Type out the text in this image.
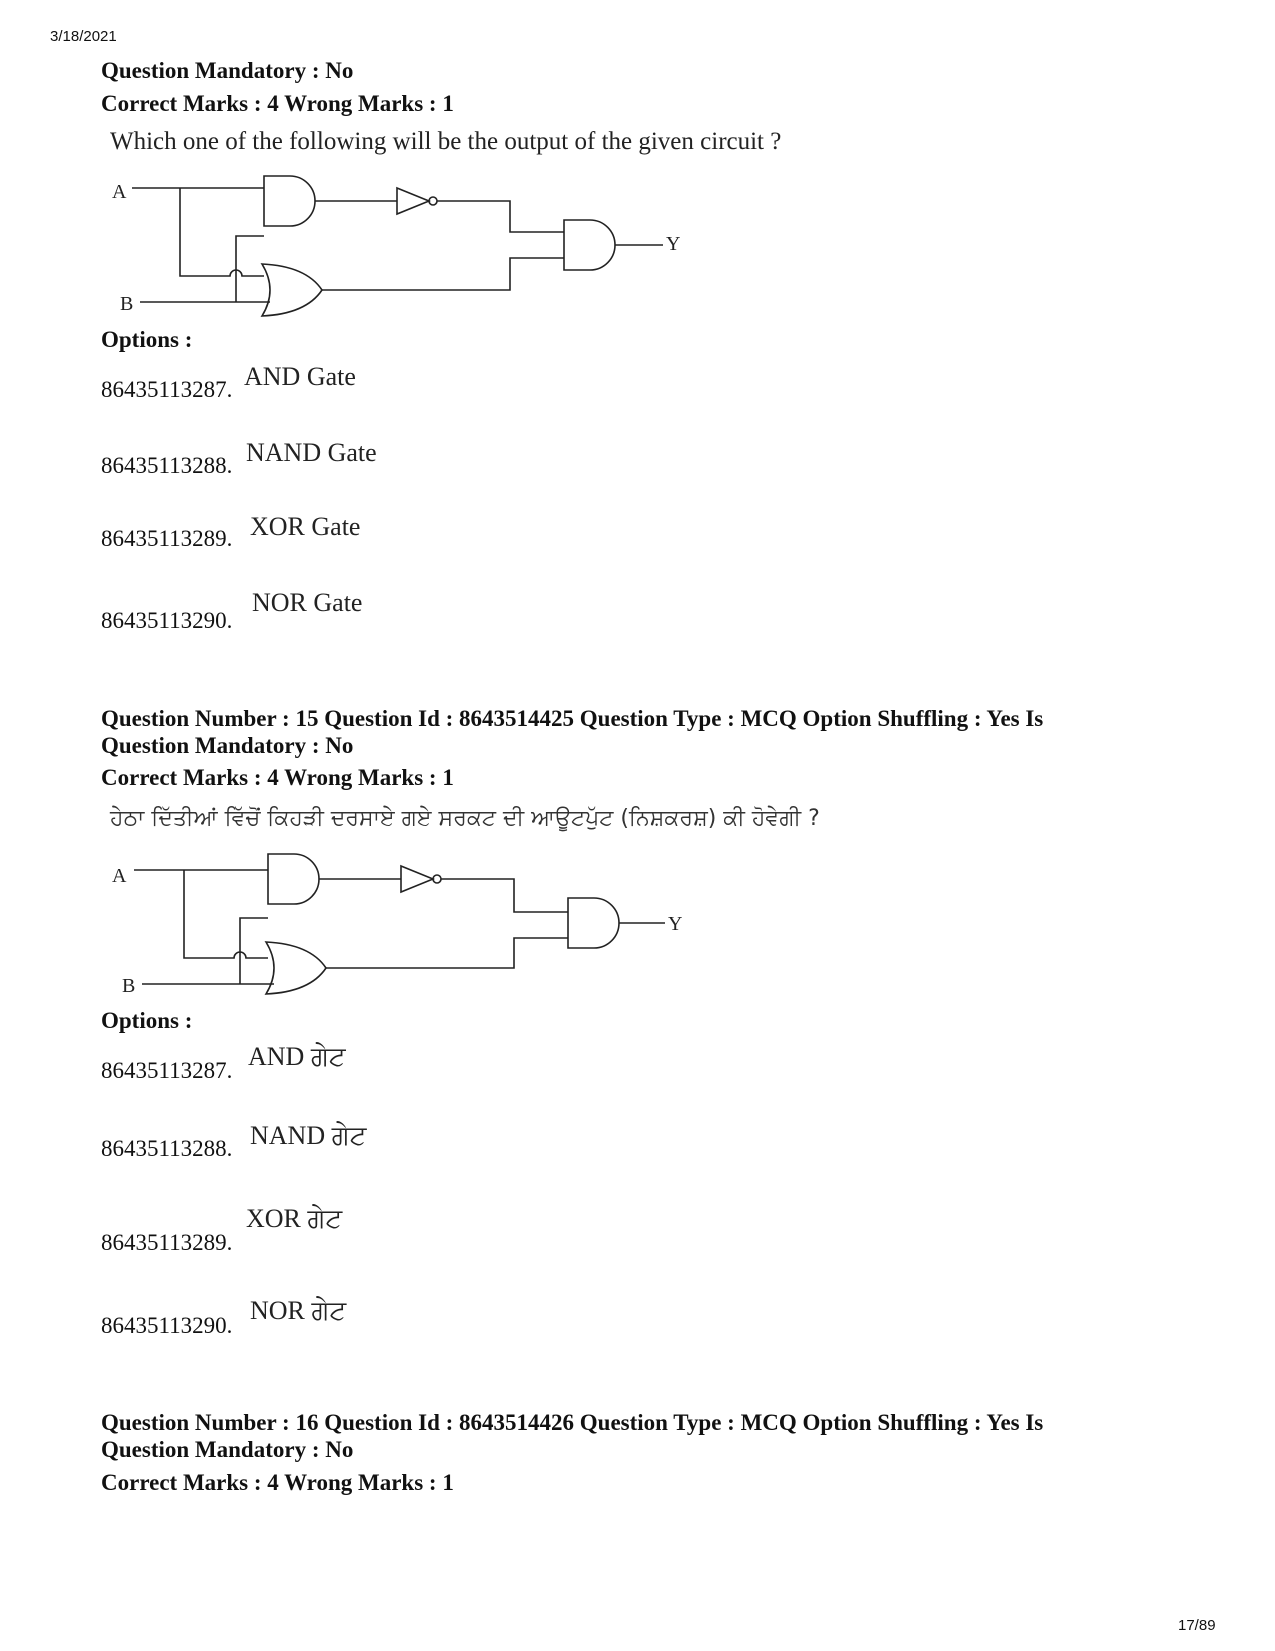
3/18/2021
Question Mandatory : No
Correct Marks : 4 Wrong Marks : 1
Which one of the following will be the output of the given circuit ?
A
B
Y
Options :
86435113287. AND Gate
86435113288. NAND Gate
86435113289. XOR Gate
86435113290.
NOR Gate
Question Number : 15 Question Id : 8643514425 Question Type : MCQ Option Shuffling : Yes Is
Question Mandatory : No
Correct Marks : 4 Wrong Marks : 1
ਹੇਠਾ ਦਿੱਤੀਆਂ ਵਿੱਚੋਂ ਕਿਹੜੀ ਦਰਸਾਏ ਗਏ ਸਰਕਟ ਦੀ ਆਊਟਪੁੱਟ (ਨਿਸ਼ਕਰਸ਼) ਕੀ ਹੋਵੇਗੀ ?
A
B
Y
Options :
86435113287. AND ਗੇਟ
86435113288. NAND ਗੇਟ
86435113289.
XOR ਗੇਟ
86435113290.
NOR ਗੇਟ
Question Number : 16 Question Id : 8643514426 Question Type : MCQ Option Shuffling : Yes Is
Question Mandatory : No
Correct Marks : 4 Wrong Marks : 1
17/89
